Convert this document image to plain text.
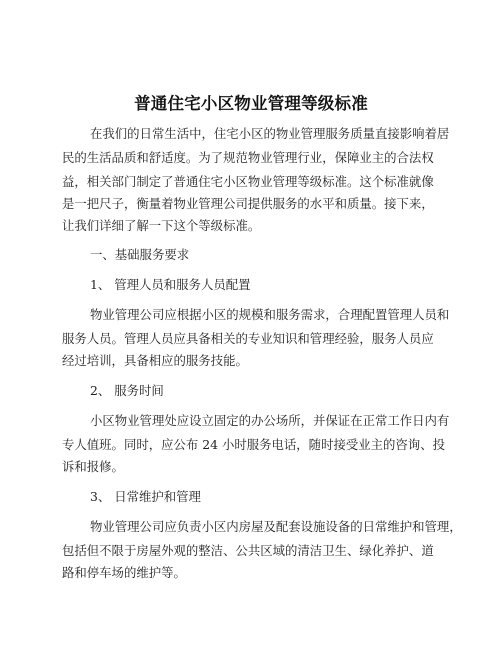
普通住宅小区物业管理等级标准
在我们的日常生活中，住宅小区的物业管理服务质量直接影响着居
民的生活品质和舒适度。为了规范物业管理行业，保障业主的合法权
益，相关部门制定了普通住宅小区物业管理等级标准。这个标准就像
是一把尺子，衡量着物业管理公司提供服务的水平和质量。接下来，
让我们详细了解一下这个等级标准。
一、基础服务要求
1、 管理人员和服务人员配置
物业管理公司应根据小区的规模和服务需求，合理配置管理人员和
服务人员。管理人员应具备相关的专业知识和管理经验，服务人员应
经过培训，具备相应的服务技能。
2、 服务时间
小区物业管理处应设立固定的办公场所，并保证在正常工作日内有
专人值班。同时，应公布 24 小时服务电话，随时接受业主的咨询、投
诉和报修。
3、 日常维护和管理
物业管理公司应负责小区内房屋及配套设施设备的日常维护和管理，
包括但不限于房屋外观的整洁、公共区域的清洁卫生、绿化养护、道
路和停车场的维护等。
